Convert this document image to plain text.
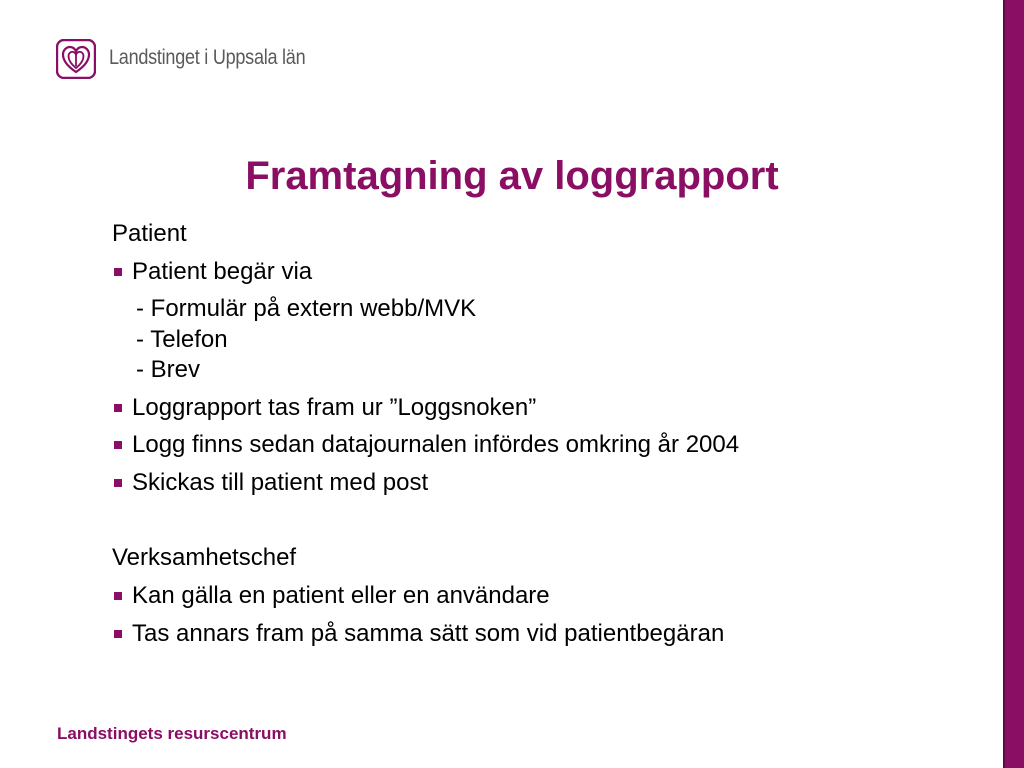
Landstinget i Uppsala län
Framtagning av loggrapport
Patient
Patient begär via
- Formulär på extern webb/MVK
- Telefon
- Brev
Loggrapport tas fram ur ”Loggsnoken”
Logg finns sedan datajournalen infördes omkring år 2004
Skickas till patient med post
Verksamhetschef
Kan gälla en patient eller en användare
Tas annars fram på samma sätt som vid patientbegäran
Landstingets resurscentrum
